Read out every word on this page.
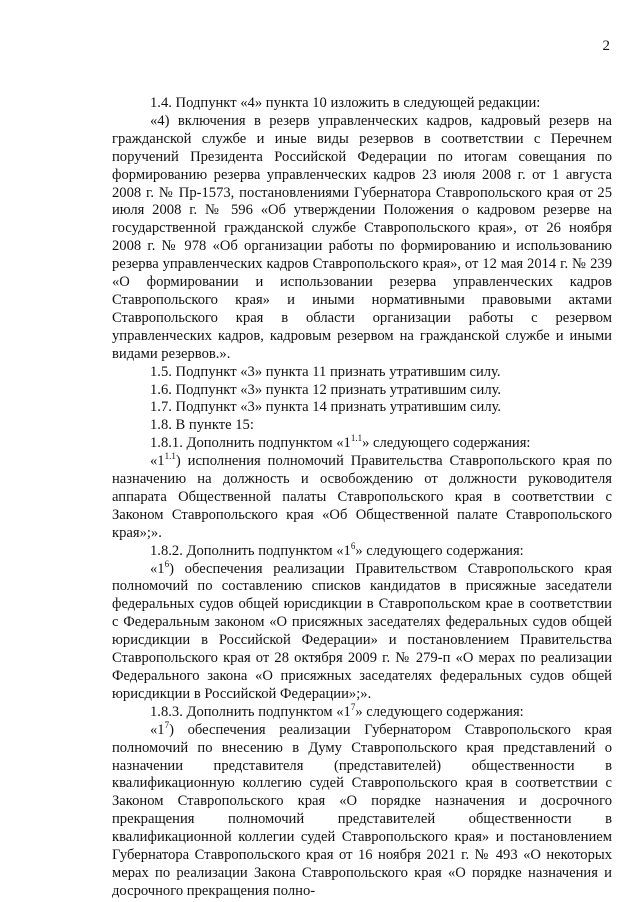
2

1.4. Подпункт «4» пункта 10 изложить в следующей редакции:

«4) включения в резерв управленческих кадров, кадровый резерв на гражданской службе и иные виды резервов в соответствии с Перечнем поручений Президента Российской Федерации по итогам совещания по формированию резерва управленческих кадров 23 июля 2008 г. от 1 августа 2008 г. № Пр-1573, постановлениями Губернатора Ставропольского края от 25 июля 2008 г. № 596 «Об утверждении Положения о кадровом резерве на государственной гражданской службе Ставропольского края», от 26 ноября 2008 г. № 978 «Об организации работы по формированию и использованию резерва управленческих кадров Ставропольского края», от 12 мая 2014 г. № 239 «О формировании и использовании резерва управленческих кадров Ставропольского края» и иными нормативными правовыми актами Ставропольского края в области организации работы с резервом управленческих кадров, кадровым резервом на гражданской службе и иными видами резервов.».

1.5. Подпункт «3» пункта 11 признать утратившим силу.

1.6. Подпункт «3» пункта 12 признать утратившим силу.

1.7. Подпункт «3» пункта 14 признать утратившим силу.

1.8. В пункте 15:

1.8.1. Дополнить подпунктом «$1^{1.1}$» следующего содержания:

«$1^{1.1}$) исполнения полномочий Правительства Ставропольского края по назначению на должность и освобождению от должности руководителя аппарата Общественной палаты Ставропольского края в соответствии с Законом Ставропольского края «Об Общественной палате Ставропольского края»;».

1.8.2. Дополнить подпунктом «$1^6$» следующего содержания:

«$1^6$) обеспечения реализации Правительством Ставропольского края полномочий по составлению списков кандидатов в присяжные заседатели федеральных судов общей юрисдикции в Ставропольском крае в соответствии с Федеральным законом «О присяжных заседателях федеральных судов общей юрисдикции в Российской Федерации» и постановлением Правительства Ставропольского края от 28 октября 2009 г. № 279-п «О мерах по реализации Федерального закона «О присяжных заседателях федеральных судов общей юрисдикции в Российской Федерации»;».

1.8.3. Дополнить подпунктом «$1^7$» следующего содержания:

«$1^7$) обеспечения реализации Губернатором Ставропольского края полномочий по внесению в Думу Ставропольского края представлений о назначении представителя (представителей) общественности в квалификационную коллегию судей Ставропольского края в соответствии с Законом Ставропольского края «О порядке назначения и досрочного прекращения полномочий представителей общественности в квалификационной коллегии судей Ставропольского края» и постановлением Губернатора Ставропольского края от 16 ноября 2021 г. № 493 «О некоторых мерах по реализации Закона Ставропольского края «О порядке назначения и досрочного прекращения полно-
